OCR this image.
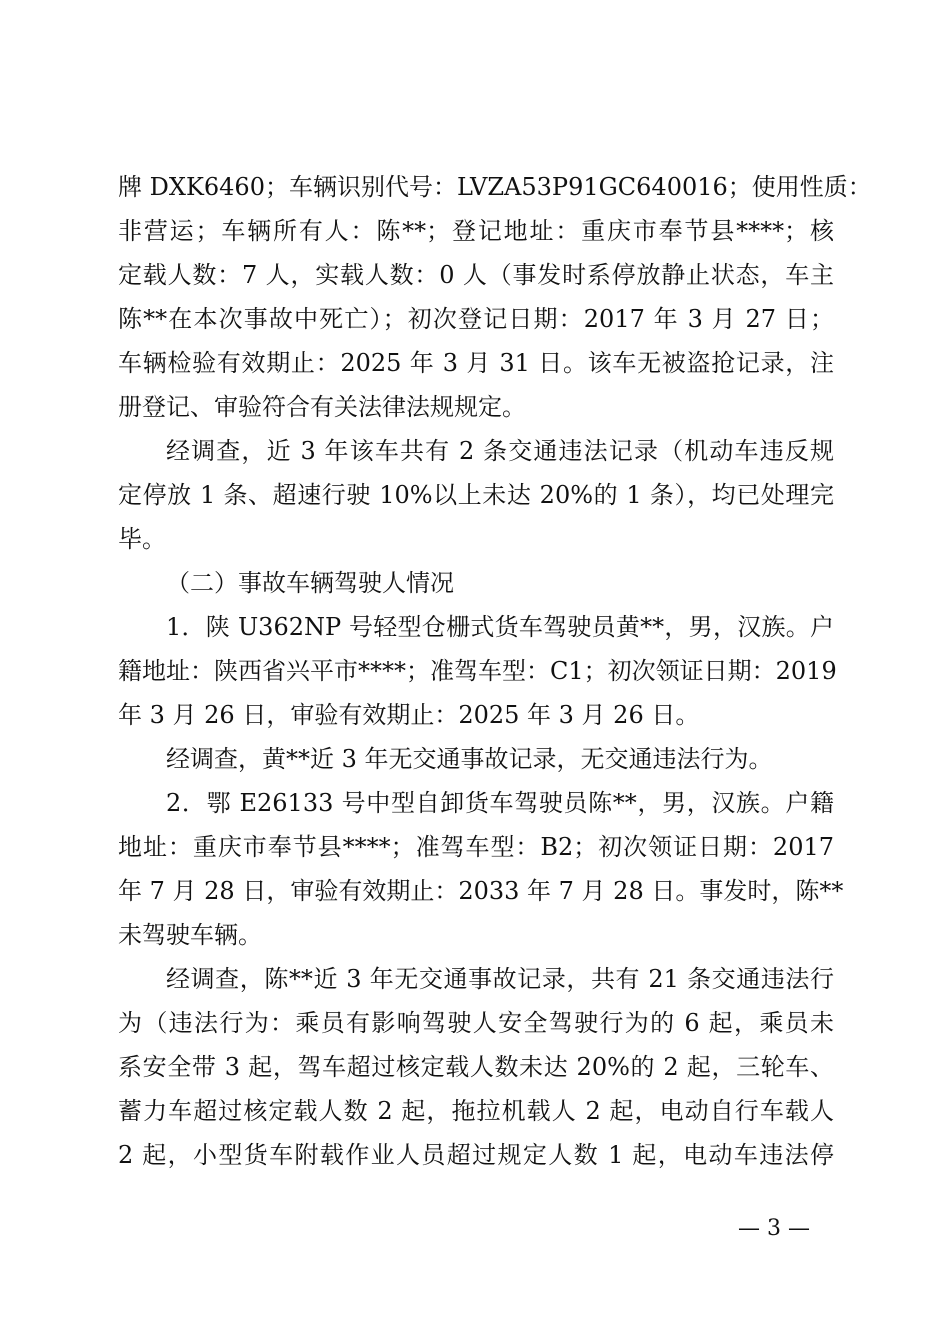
牌 DXK6460；车辆识别代号：LVZA53P91GC640016；使用性质：
非营运；车辆所有人：陈**；登记地址：重庆市奉节县****；核
定载人数：7 人，实载人数：0 人（事发时系停放静止状态，车主
陈**在本次事故中死亡）；初次登记日期：2017 年 3 月 27 日；
车辆检验有效期止：2025 年 3 月 31 日。该车无被盗抢记录，注
册登记、审验符合有关法律法规规定。
经调查，近 3 年该车共有 2 条交通违法记录（机动车违反规
定停放 1 条、超速行驶 10%以上未达 20%的 1 条），均已处理完
毕。
（二）事故车辆驾驶人情况
1．陕 U362NP 号轻型仓栅式货车驾驶员黄**，男，汉族。户
籍地址：陕西省兴平市****；准驾车型：C1；初次领证日期：2019
年 3 月 26 日，审验有效期止：2025 年 3 月 26 日。
经调查，黄**近 3 年无交通事故记录，无交通违法行为。
2．鄂 E26133 号中型自卸货车驾驶员陈**，男，汉族。户籍
地址：重庆市奉节县****；准驾车型：B2；初次领证日期：2017
年 7 月 28 日，审验有效期止：2033 年 7 月 28 日。事发时，陈**
未驾驶车辆。
经调查，陈**近 3 年无交通事故记录，共有 21 条交通违法行
为（违法行为：乘员有影响驾驶人安全驾驶行为的 6 起，乘员未
系安全带 3 起，驾车超过核定载人数未达 20%的 2 起，三轮车、
蓄力车超过核定载人数 2 起，拖拉机载人 2 起，电动自行车载人
2 起，小型货车附载作业人员超过规定人数 1 起，电动车违法停
— 3 —
